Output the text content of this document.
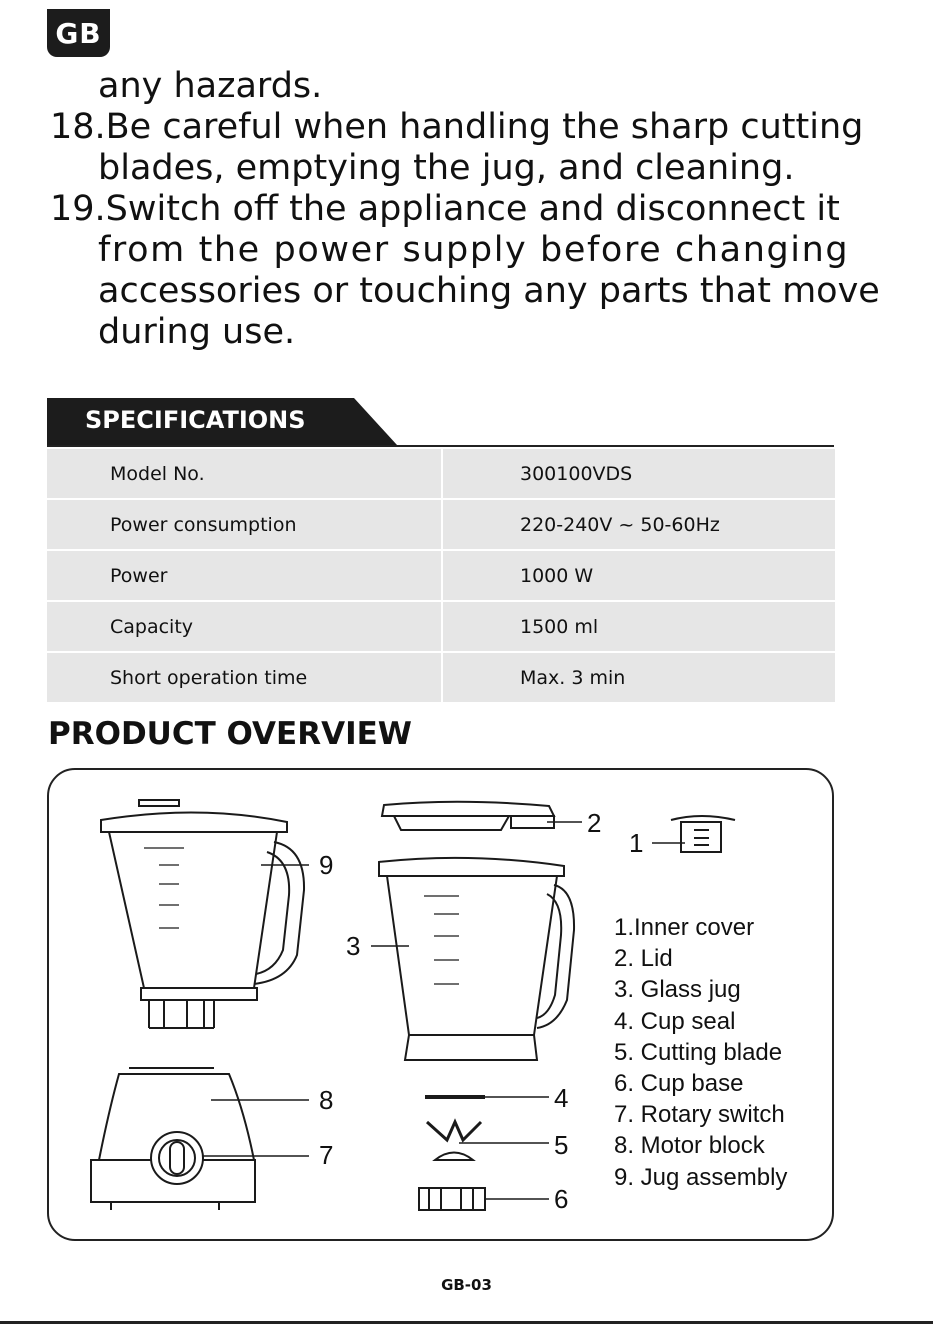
GB
any hazards.
18.Be careful when handling the sharp cutting
blades, emptying the jug, and cleaning.
19.Switch off the appliance and disconnect it
from the power supply before changing
accessories or touching any parts that move
during use.
SPECIFICATIONS
Model No.	300100VDS
Power consumption	220-240V ~ 50-60Hz
Power	1000 W
Capacity	1500 ml
Short operation time	Max. 3 min
PRODUCT OVERVIEW
2
1
9
3
8	4
5
7
6
1.Inner cover
2. Lid
3. Glass jug
4. Cup seal
5. Cutting blade
6. Cup base
7. Rotary switch
8. Motor block
9. Jug assembly
GB-03
